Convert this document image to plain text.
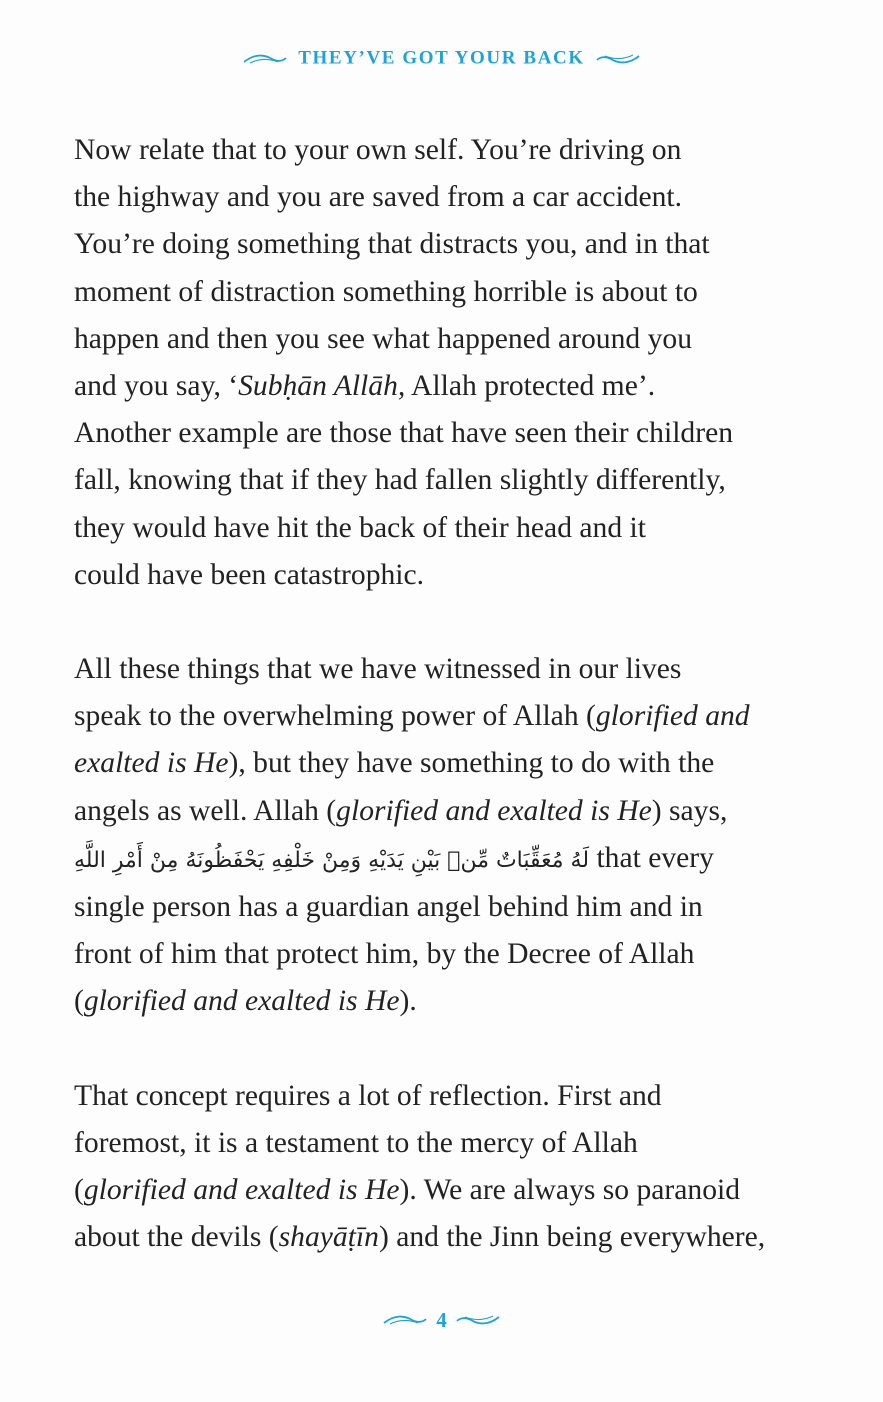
THEY’VE GOT YOUR BACK

Now relate that to your own self. You’re driving on
the highway and you are saved from a car accident.
You’re doing something that distracts you, and in that
moment of distraction something horrible is about to
happen and then you see what happened around you
and you say, ‘Subḥān Allāh, Allah protected me’.
Another example are those that have seen their children
fall, knowing that if they had fallen slightly differently,
they would have hit the back of their head and it
could have been catastrophic.

All these things that we have witnessed in our lives
speak to the overwhelming power of Allah (glorified and
exalted is He), but they have something to do with the
angels as well. Allah (glorified and exalted is He) says,
لَهُ مُعَقِّبَاتٌ مِّنۢ بَيْنِ يَدَيْهِ وَمِنْ خَلْفِهِ يَحْفَظُونَهُ مِنْ أَمْرِ اللَّهِ that every
single person has a guardian angel behind him and in
front of him that protect him, by the Decree of Allah
(glorified and exalted is He).

That concept requires a lot of reflection. First and
foremost, it is a testament to the mercy of Allah
(glorified and exalted is He). We are always so paranoid
about the devils (shayāṭīn) and the Jinn being everywhere,

4
